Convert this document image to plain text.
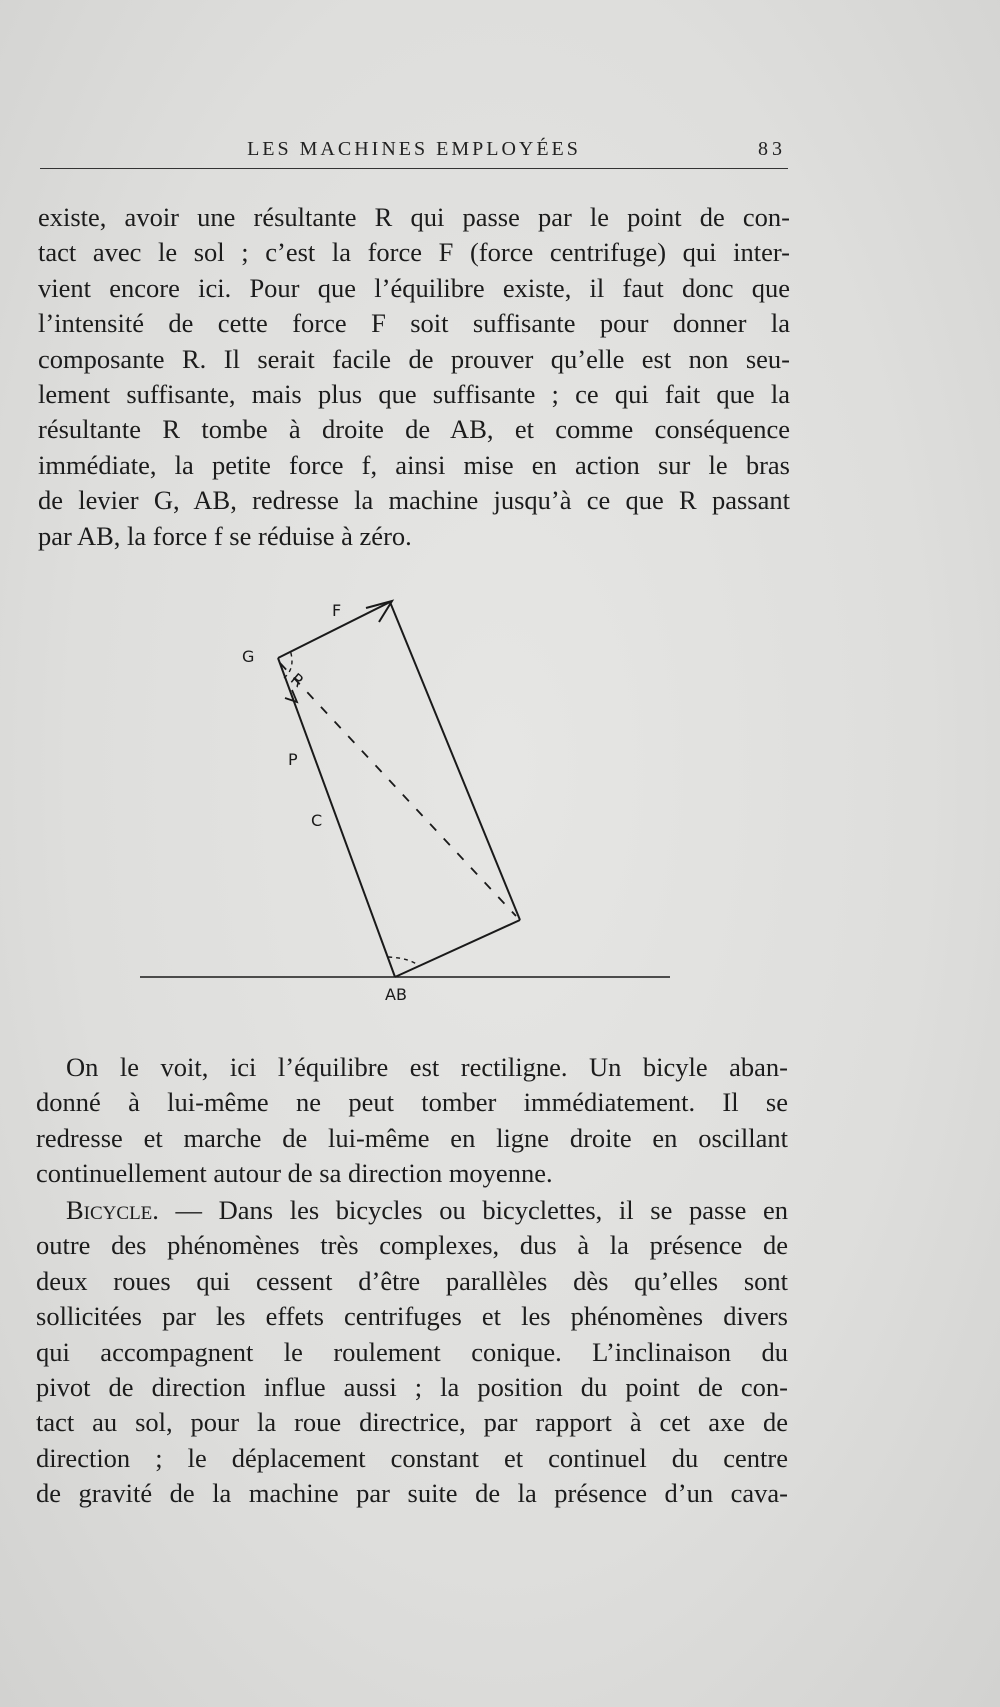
LES MACHINES EMPLOYÉES	83
existe, avoir une résultante R qui passe par le point de con-
tact avec le sol ; c’est la force F (force centrifuge) qui inter-
vient encore ici. Pour que l’équilibre existe, il faut donc que
l’intensité de cette force F soit suffisante pour donner la
composante R. Il serait facile de prouver qu’elle est non seu-
lement suffisante, mais plus que suffisante ; ce qui fait que la
résultante R tombe à droite de AB, et comme conséquence
immédiate, la petite force f, ainsi mise en action sur le bras
de levier G, AB, redresse la machine jusqu’à ce que R passant
par AB, la force f se réduise à zéro.
F
G
R
P
C
AB
On le voit, ici l’équilibre est rectiligne. Un bicyle aban-
donné à lui-même ne peut tomber immédiatement. Il se
redresse et marche de lui-même en ligne droite en oscillant
continuellement autour de sa direction moyenne.
Bicycle. — Dans les bicycles ou bicyclettes, il se passe en
outre des phénomènes très complexes, dus à la présence de
deux roues qui cessent d’être parallèles dès qu’elles sont
sollicitées par les effets centrifuges et les phénomènes divers
qui accompagnent le roulement conique. L’inclinaison du
pivot de direction influe aussi ; la position du point de con-
tact au sol, pour la roue directrice, par rapport à cet axe de
direction ; le déplacement constant et continuel du centre
de gravité de la machine par suite de la présence d’un cava-
